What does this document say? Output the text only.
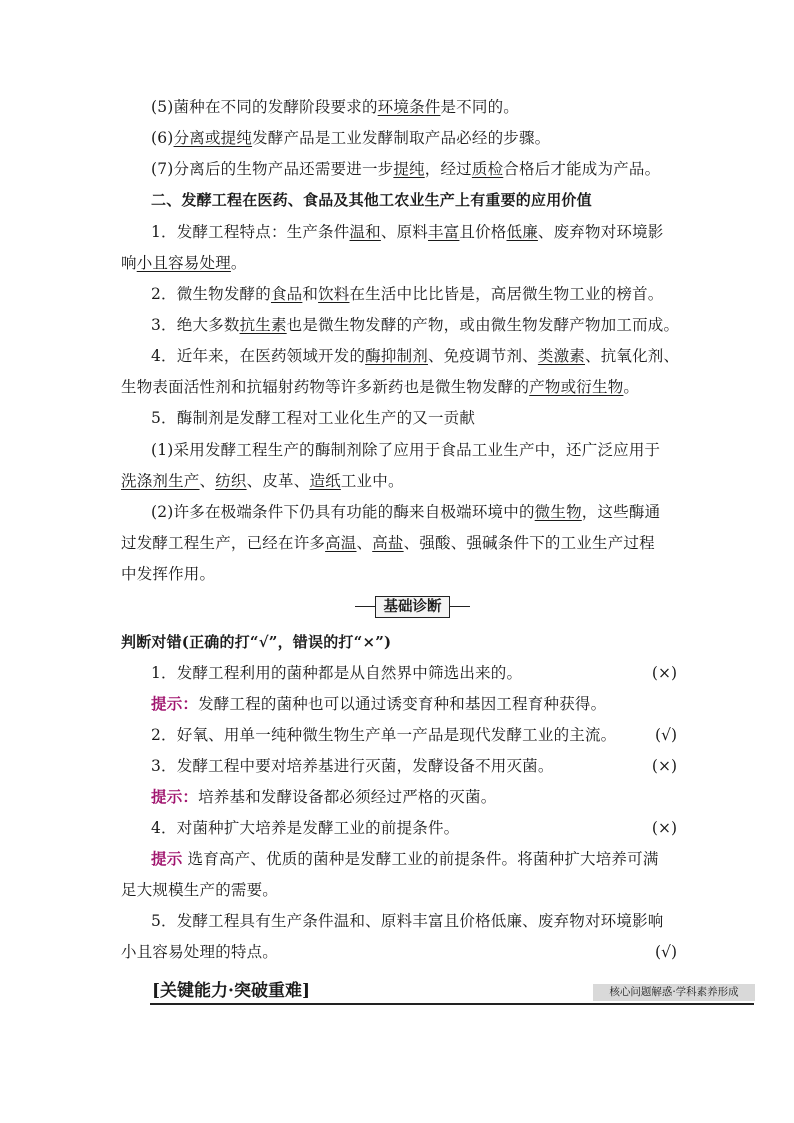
(5)菌种在不同的发酵阶段要求的环境条件是不同的。
(6)分离或提纯发酵产品是工业发酵制取产品必经的步骤。
(7)分离后的生物产品还需要进一步提纯，经过质检合格后才能成为产品。
二、发酵工程在医药、食品及其他工农业生产上有重要的应用价值
1．发酵工程特点：生产条件温和、原料丰富且价格低廉、废弃物对环境影
响小且容易处理。
2．微生物发酵的食品和饮料在生活中比比皆是，高居微生物工业的榜首。
3．绝大多数抗生素也是微生物发酵的产物，或由微生物发酵产物加工而成。
4．近年来，在医药领域开发的酶抑制剂、免疫调节剂、类激素、抗氧化剂、
生物表面活性剂和抗辐射药物等许多新药也是微生物发酵的产物或衍生物。
5．酶制剂是发酵工程对工业化生产的又一贡献
(1)采用发酵工程生产的酶制剂除了应用于食品工业生产中，还广泛应用于
洗涤剂生产、纺织、皮革、造纸工业中。
(2)许多在极端条件下仍具有功能的酶来自极端环境中的微生物，这些酶通
过发酵工程生产，已经在许多高温、高盐、强酸、强碱条件下的工业生产过程
中发挥作用。
基础诊断
判断对错(正确的打“√”，错误的打“×”)
1．发酵工程利用的菌种都是从自然界中筛选出来的。	(×)
提示：发酵工程的菌种也可以通过诱变育种和基因工程育种获得。
2．好氧、用单一纯种微生物生产单一产品是现代发酵工业的主流。	(√)
3．发酵工程中要对培养基进行灭菌，发酵设备不用灭菌。	(×)
提示：培养基和发酵设备都必须经过严格的灭菌。
4．对菌种扩大培养是发酵工业的前提条件。	(×)
提示 选育高产、优质的菌种是发酵工业的前提条件。将菌种扩大培养可满
足大规模生产的需要。
5．发酵工程具有生产条件温和、原料丰富且价格低廉、废弃物对环境影响
小且容易处理的特点。	(√)
[关键能力·突破重难]	核心问题解惑·学科素养形成
